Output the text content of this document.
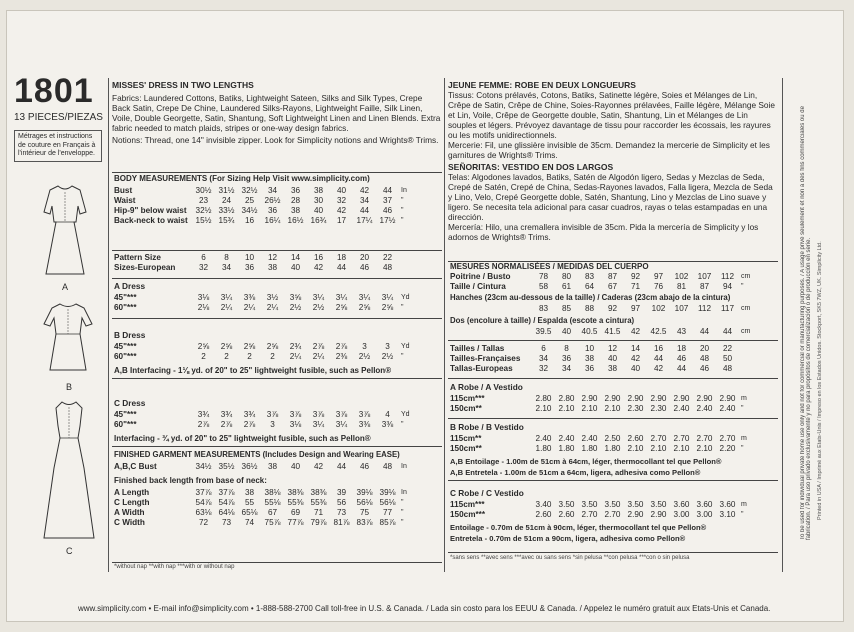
1801
13 PIECES/PIEZAS
Métrages et instructions de couture en Français à l'intérieur de l'enveloppe.
A
B
C

MISSES' DRESS IN TWO LENGTHS

Fabrics: Laundered Cottons, Batiks, Lightweight Sateen, Silks and Silk Types, Crepe Back Satin, Crepe De Chine, Laundered Silks-Rayons, Lightweight Faille, Silk Linen, Voile, Double Georgette, Satin, Shantung, Soft Lightweight Linen and Linen Blends. Extra fabric needed to match plaids, stripes or one-way design fabrics.

Notions: Thread, one 14" invisible zipper. Look for Simplicity notions and Wrights® Trims.

BODY MEASUREMENTS (For Sizing Help Visit www.simplicity.com)
Bust	30½	31½	32½	34	36	38	40	42	44	In
Waist	23	24	25	26½	28	30	32	34	37	"
Hip-9" below waist	32½	33½	34½	36	38	40	42	44	46	"
Back-neck to waist	15½	15¾	16	16¼	16½	16¾	17	17¼	17½	"
Pattern Size	6	8	10	12	14	16	18	20	22
Sizes-European	32	34	36	38	40	42	44	46	48
A Dress
45"***	3⅛	3¼	3⅜	3½	3⅝	3¼	3¼	3¼	3¼	Yd
60"***	2⅛	2¼	2¼	2¼	2½	2½	2⅝	2⅝	2⅝	"
B Dress
45"***	2⅝	2⅝	2⅝	2⅝	2¾	2⅞	2⅞	3	3	Yd
60"***	2	2	2	2	2¼	2¼	2⅜	2½	2½	"
A,B Interfacing - 1⅛ yd. of 20" to 25" lightweight fusible, such as Pellon®
C Dress
45"***	3¾	3¾	3¾	3⅞	3⅞	3⅞	3⅞	3⅞	4	Yd
60"***	2⅞	2⅞	2⅞	3	3⅛	3¼	3¼	3⅜	3⅜	"
Interfacing - ¾ yd. of 20" to 25" lightweight fusible, such as Pellon®
FINISHED GARMENT MEASUREMENTS (Includes Design and Wearing EASE)
A,B,C Bust	34½	35½	36½	38	40	42	44	46	48	In
Finished back length from base of neck:
A Length	37⅞	37⅞	38	38⅛	38⅜	38⅜	39	39⅛	39⅛	In
C Length	54⅞	54⅞	55	55⅛	55⅜	55⅜	56	56⅛	56⅛	"
A Width	63⅛	64⅛	65⅛	67	69	71	73	75	77	"
C Width	72	73	74	75⅞	77⅞	79⅞	81⅞	83⅞	85⅞	"
*without nap **with nap ***with or without nap

JEUNE FEMME: ROBE EN DEUX LONGUEURS

Tissus: Cotons prélavés, Cotons, Batiks, Satinette légère, Soies et Mélanges de Lin, Crêpe de Satin, Crêpe de Chine, Soies-Rayonnes prélavées, Faille légère, Mélange Soie et Lin, Voile, Crêpe de Georgette double, Satin, Shantung, Lin et Mélanges de Lin souples et légers. Prévoyez davantage de tissu pour raccorder les écossais, les rayures ou les motifs unidirectionnels.

Mercerie: Fil, une glissière invisible de 35cm. Demandez la mercerie de Simplicity et les garnitures de Wrights® Trims.

SEÑORITAS: VESTIDO EN DOS LARGOS

Telas: Algodones lavados, Batiks, Satén de Algodón ligero, Sedas y Mezclas de Seda, Crepé de Satén, Crepé de China, Sedas-Rayones lavados, Falla ligera, Mezcla de Seda y Lino, Velo, Crepé Georgette doble, Satén, Shantung, Lino y Mezclas de Lino suave y ligero. Se necesita tela adicional para casar cuadros, rayas o telas estampadas en una dirección.

Mercería: Hilo, una cremallera invisible de 35cm. Pida la mercería de Simplicity y los adornos de Wrights® Trims.

MESURES NORMALISÉES / MEDIDAS DEL CUERPO
Poitrine / Busto	78	80	83	87	92	97	102	107	112	cm
Taille / Cintura	58	61	64	67	71	76	81	87	94	"
Hanches (23cm au-dessous de la taille) / Caderas (23cm abajo de la cintura)
	83	85	88	92	97	102	107	112	117	cm
Dos (encolure à taille) / Espalda (escote a cintura)
	39.5	40	40.5	41.5	42	42.5	43	44	44	cm
Tailles / Tallas	6	8	10	12	14	16	18	20	22
Tailles-Françaises	34	36	38	40	42	44	46	48	50
Tallas-Europeas	32	34	36	38	40	42	44	46	48
A Robe / A Vestido
115cm***	2.80	2.80	2.90	2.90	2.90	2.90	2.90	2.90	2.90	m
150cm**	2.10	2.10	2.10	2.10	2.30	2.30	2.40	2.40	2.40	"
B Robe / B Vestido
115cm**	2.40	2.40	2.40	2.50	2.60	2.70	2.70	2.70	2.70	m
150cm**	1.80	1.80	1.80	1.80	2.10	2.10	2.10	2.10	2.20	"
A,B Entoilage - 1.00m de 51cm à 64cm, léger, thermocollant tel que Pellon®
A,B Entretela - 1.00m de 51cm a 64cm, ligera, adhesiva como Pellon®
C Robe / C Vestido
115cm***	3.40	3.50	3.50	3.50	3.50	3.50	3.60	3.60	3.60	m
150cm***	2.60	2.60	2.70	2.70	2.90	2.90	3.00	3.00	3.10	"
Entoilage - 0.70m de 51cm à 90cm, léger, thermocollant tel que Pellon®
Entretela - 0.70m de 51cm a 90cm, ligera, adhesiva como Pellon®
*sans sens **avec sens ***avec ou sans sens *sin pelusa **con pelusa ***con o sin pelusa
To be used for individual private home use only and not for commercial or manufacturing purposes. / A usage privé seulement et non à des fins commerciales ou de fabrication. / Para uso privado exclusivamente y no para propósitos de comercialización o de producción en serie. Printed in USA / Imprimé aux Etats-Unis / Impreso en los Estados Unidos. Stockport, SK5 7WZ, UK. Simplicity Ltd.
www.simplicity.com • E-mail info@simplicity.com • 1-888-588-2700 Call toll-free in U.S. & Canada. / Lada sin costo para los EEUU & Canada. / Appelez le numéro gratuit aux Etats-Unis et Canada.
